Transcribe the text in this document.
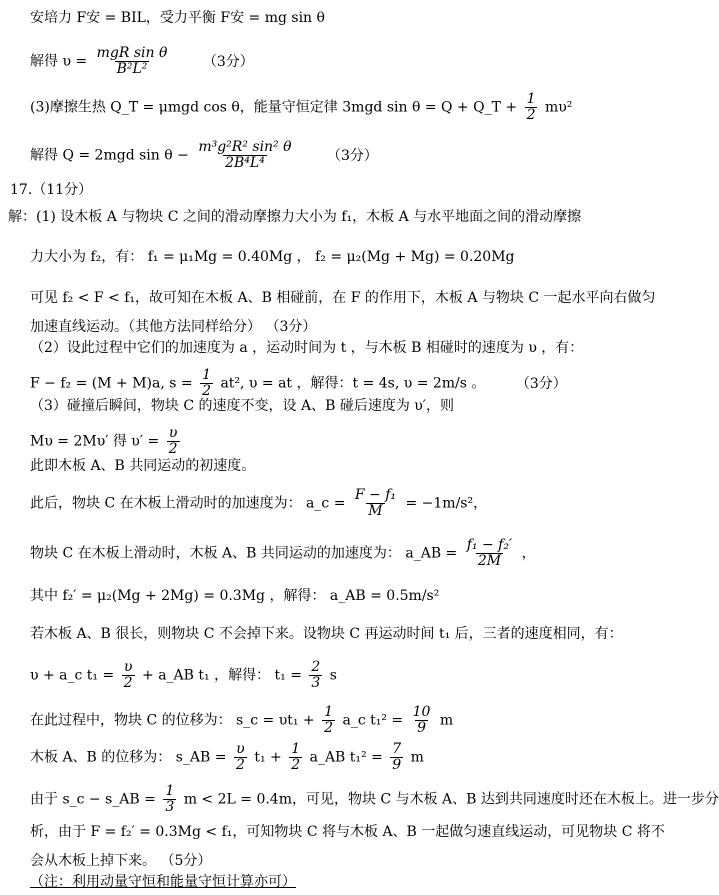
安培力 F安 = BIL，受力平衡 F安 = mg sin θ
解得 $\upsilon = \frac{\text{mgR sin θ}}{\text{B²L²}} (3$分）
(3)摩擦生热 Q_T = μmgd cos θ，能量守恒定律 3mgd sin θ = Q + Q_T + $\frac{1}{2} m\upsilon^2$
解得 Q = 2mgd $\sin \theta - \frac{\text{m³g²R² sin² θ}}{\text{2B⁴L⁴}} (3$分）
17.（11分）
解：(1) 设木板 A 与物块 C 之间的滑动摩擦力大小为 f₁，木板 A 与水平地面之间的滑动摩擦
力大小为 f₂，有： f₁ = μ₁Mg = 0.40Mg ， f₂ = μ₂(Mg + Mg) = 0.20Mg
可见 f₂ < F < f₁，故可知在木板 A、B 相碰前，在 F 的作用下，木板 A 与物块 C 一起水平向右做匀
加速直线运动。（其他方法同样给分） （3分）
（2）设此过程中它们的加速度为 a ，运动时间为 t ，与木板 B 相碰时的速度为 υ ，有：
F − f₂ = (M + M)a, $s = \frac{1}{2} at^2$, υ = at ，解得：t = 4s, υ = 2m/s 。 （3分）
（3）碰撞后瞬间，物块 C 的速度不变，设 A、B 碰后速度为 υ′，则
Mυ = 2Mυ′ 得 $\upsilon' = \frac{\upsilon}{2}$
此即木板 A、B 共同运动的初速度。
此后，物块 C 在木板上滑动时的加速度为： a_c = $\frac{\text{F − f₁}}{M} = -1m/s^2$，
物块 C 在木板上滑动时，木板 A、B 共同运动的加速度为： a_AB = $\frac{\text{f₁ − f₂′}}{2M}$ ，
其中 f₂′ = μ₂(Mg + 2Mg) = 0.3Mg ，解得： a_AB = 0.5m/s²
若木板 A、B 很长，则物块 C 不会掉下来。设物块 C 再运动时间 t₁ 后，三者的速度相同，有：
υ + a_c $t_1 = \frac{\upsilon}{2}$ + a_AB t₁ ，解得： $t_1 = \frac{2}{3}$ s
在此过程中，物块 C 的位移为： s_c = $\upsilon t_1 + \frac{1}{2}$ a_c $t_1^2 = \frac{10}{9}$ m
木板 A、B 的位移为： s_AB = $\frac{\upsilon}{2} t_1 + \frac{1}{2}$ a_AB $t_1^2 = \frac{7}{9}$ m
由于 s_c − s_AB = $\frac{1}{3}$ m < 2L = 0.4m，可见，物块 C 与木板 A、B 达到共同速度时还在木板上。进一步分
析，由于 F = f₂′ = 0.3Mg < f₁，可知物块 C 将与木板 A、B 一起做匀速直线运动，可见物块 C 将不
会从木板上掉下来。 （5分）
（注：利用动量守恒和能量守恒计算亦可）
